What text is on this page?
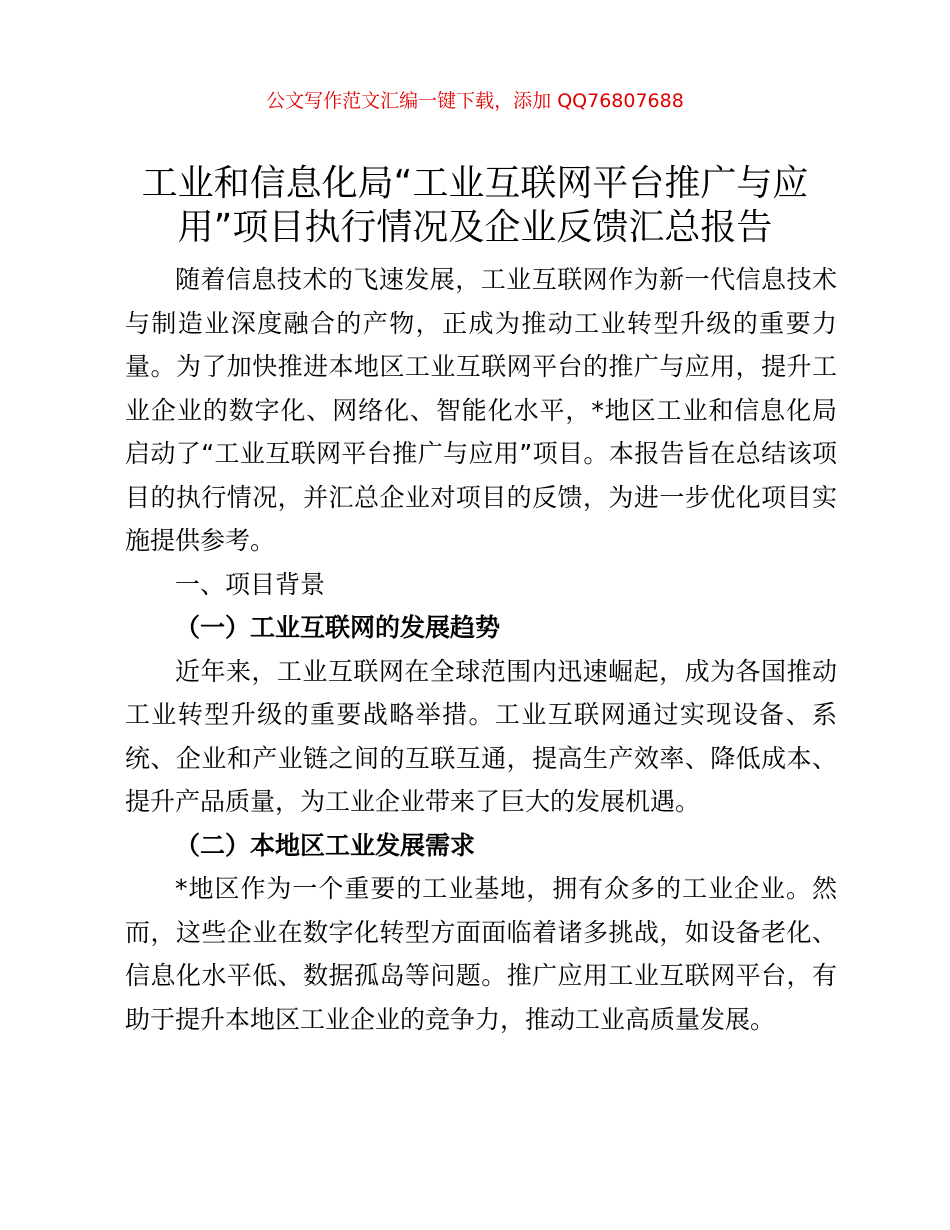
公文写作范文汇编一键下载，添加 QQ76807688
工业和信息化局“工业互联网平台推广与应
用”项目执行情况及企业反馈汇总报告

随着信息技术的飞速发展，工业互联网作为新一代信息技术与制造业深度融合的产物，正成为推动工业转型升级的重要力量。为了加快推进本地区工业互联网平台的推广与应用，提升工业企业的数字化、网络化、智能化水平，*地区工业和信息化局启动了“工业互联网平台推广与应用”项目。本报告旨在总结该项目的执行情况，并汇总企业对项目的反馈，为进一步优化项目实施提供参考。

一、项目背景

（一）工业互联网的发展趋势

近年来，工业互联网在全球范围内迅速崛起，成为各国推动工业转型升级的重要战略举措。工业互联网通过实现设备、系统、企业和产业链之间的互联互通，提高生产效率、降低成本、提升产品质量，为工业企业带来了巨大的发展机遇。

（二）本地区工业发展需求

*地区作为一个重要的工业基地，拥有众多的工业企业。然而，这些企业在数字化转型方面面临着诸多挑战，如设备老化、信息化水平低、数据孤岛等问题。推广应用工业互联网平台，有助于提升本地区工业企业的竞争力，推动工业高质量发展。
